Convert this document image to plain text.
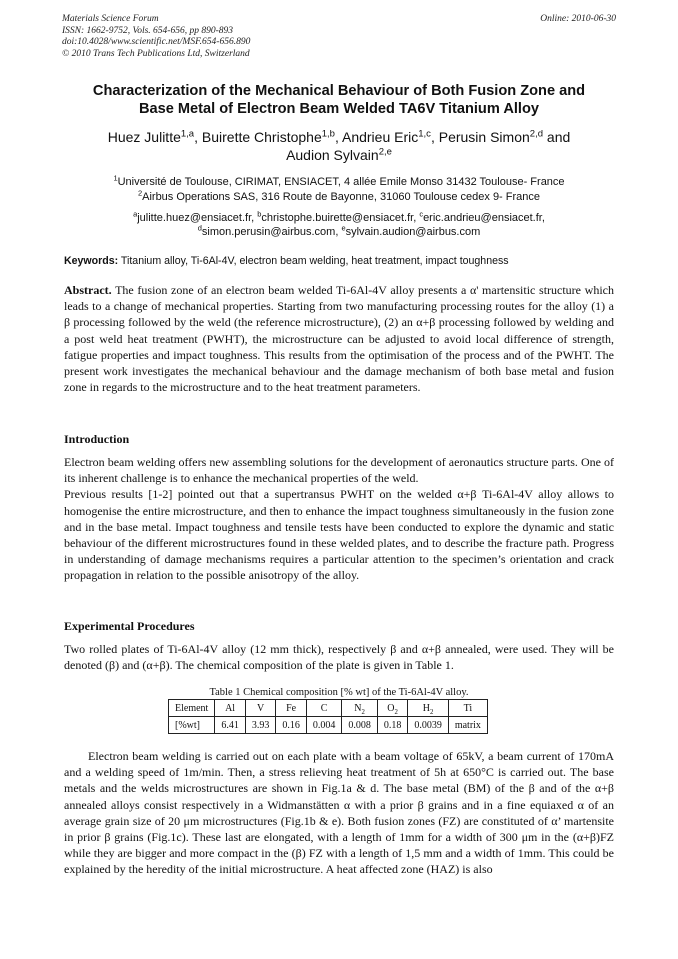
Materials Science Forum
ISSN: 1662-9752, Vols. 654-656, pp 890-893
doi:10.4028/www.scientific.net/MSF.654-656.890
© 2010 Trans Tech Publications Ltd, Switzerland
Online: 2010-06-30
Characterization of the Mechanical Behaviour of Both Fusion Zone and
Base Metal of Electron Beam Welded TA6V Titanium Alloy
Huez Julitte$^{1,a}$, Buirette Christophe$^{1,b}$, Andrieu Eric$^{1,c}$, Perusin Simon$^{2,d}$ and
Audion Sylvain$^{2,e}$
$^1$Université de Toulouse, CIRIMAT, ENSIACET, 4 allée Emile Monso 31432 Toulouse- France
$^2$Airbus Operations SAS, 316 Route de Bayonne, 31060 Toulouse cedex 9- France
$^a$julitte.huez@ensiacet.fr, $^b$christophe.buirette@ensiacet.fr, $^c$eric.andrieu@ensiacet.fr,
$^d$simon.perusin@airbus.com, $^e$sylvain.audion@airbus.com
Keywords: Titanium alloy, Ti-6Al-4V, electron beam welding, heat treatment, impact toughness
Abstract. The fusion zone of an electron beam welded Ti-6Al-4V alloy presents a α' martensitic structure which leads to a change of mechanical properties. Starting from two manufacturing processing routes for the alloy (1) a β processing followed by the weld (the reference microstructure), (2) an α+β processing followed by welding and a post weld heat treatment (PWHT), the microstructure can be adjusted to avoid local difference of strength, fatigue properties and impact toughness. This results from the optimisation of the process and of the PWHT. The present work investigates the mechanical behaviour and the damage mechanism of both base metal and fusion zone in regards to the microstructure and to the heat treatment parameters.
Introduction
Electron beam welding offers new assembling solutions for the development of aeronautics structure parts. One of its inherent challenge is to enhance the mechanical properties of the weld.
Previous results [1-2] pointed out that a supertransus PWHT on the welded α+β Ti-6Al-4V alloy allows to homogenise the entire microstructure, and then to enhance the impact toughness simultaneously in the fusion zone and in the base metal. Impact toughness and tensile tests have been conducted to explore the dynamic and static behaviour of the different microstructures found in these welded plates, and to describe the fracture path. Progress in understanding of damage mechanisms requires a particular attention to the specimen’s orientation and crack propagation in relation to the possible anisotropy of the alloy.
Experimental Procedures
Two rolled plates of Ti-6Al-4V alloy (12 mm thick), respectively β and α+β annealed, were used. They will be denoted (β) and (α+β). The chemical composition of the plate is given in Table 1.
Table 1 Chemical composition [% wt] of the Ti-6Al-4V alloy.
Element	Al	V	Fe	C	$N_2$	$O_2$	$H_2$	Ti
[%wt]	6.41	3.93	0.16	0.004	0.008	0.18	0.0039	matrix
Electron beam welding is carried out on each plate with a beam voltage of 65kV, a beam current of 170mA and a welding speed of 1m/min. Then, a stress relieving heat treatment of 5h at 650°C is carried out. The base metals and the welds microstructures are shown in Fig.1a & d. The base metal (BM) of the β and of the α+β annealed alloys consist respectively in a Widmanstätten α with a prior β grains and in a fine equiaxed α of an average grain size of 20 μm microstructures (Fig.1b & e). Both fusion zones (FZ) are constituted of α’ martensite in prior β grains (Fig.1c). These last are elongated, with a length of 1mm for a width of 300 μm in the (α+β)FZ while they are bigger and more compact in the (β) FZ with a length of 1,5 mm and a width of 1mm. This could be explained by the heredity of the initial microstructure. A heat affected zone (HAZ) is also
